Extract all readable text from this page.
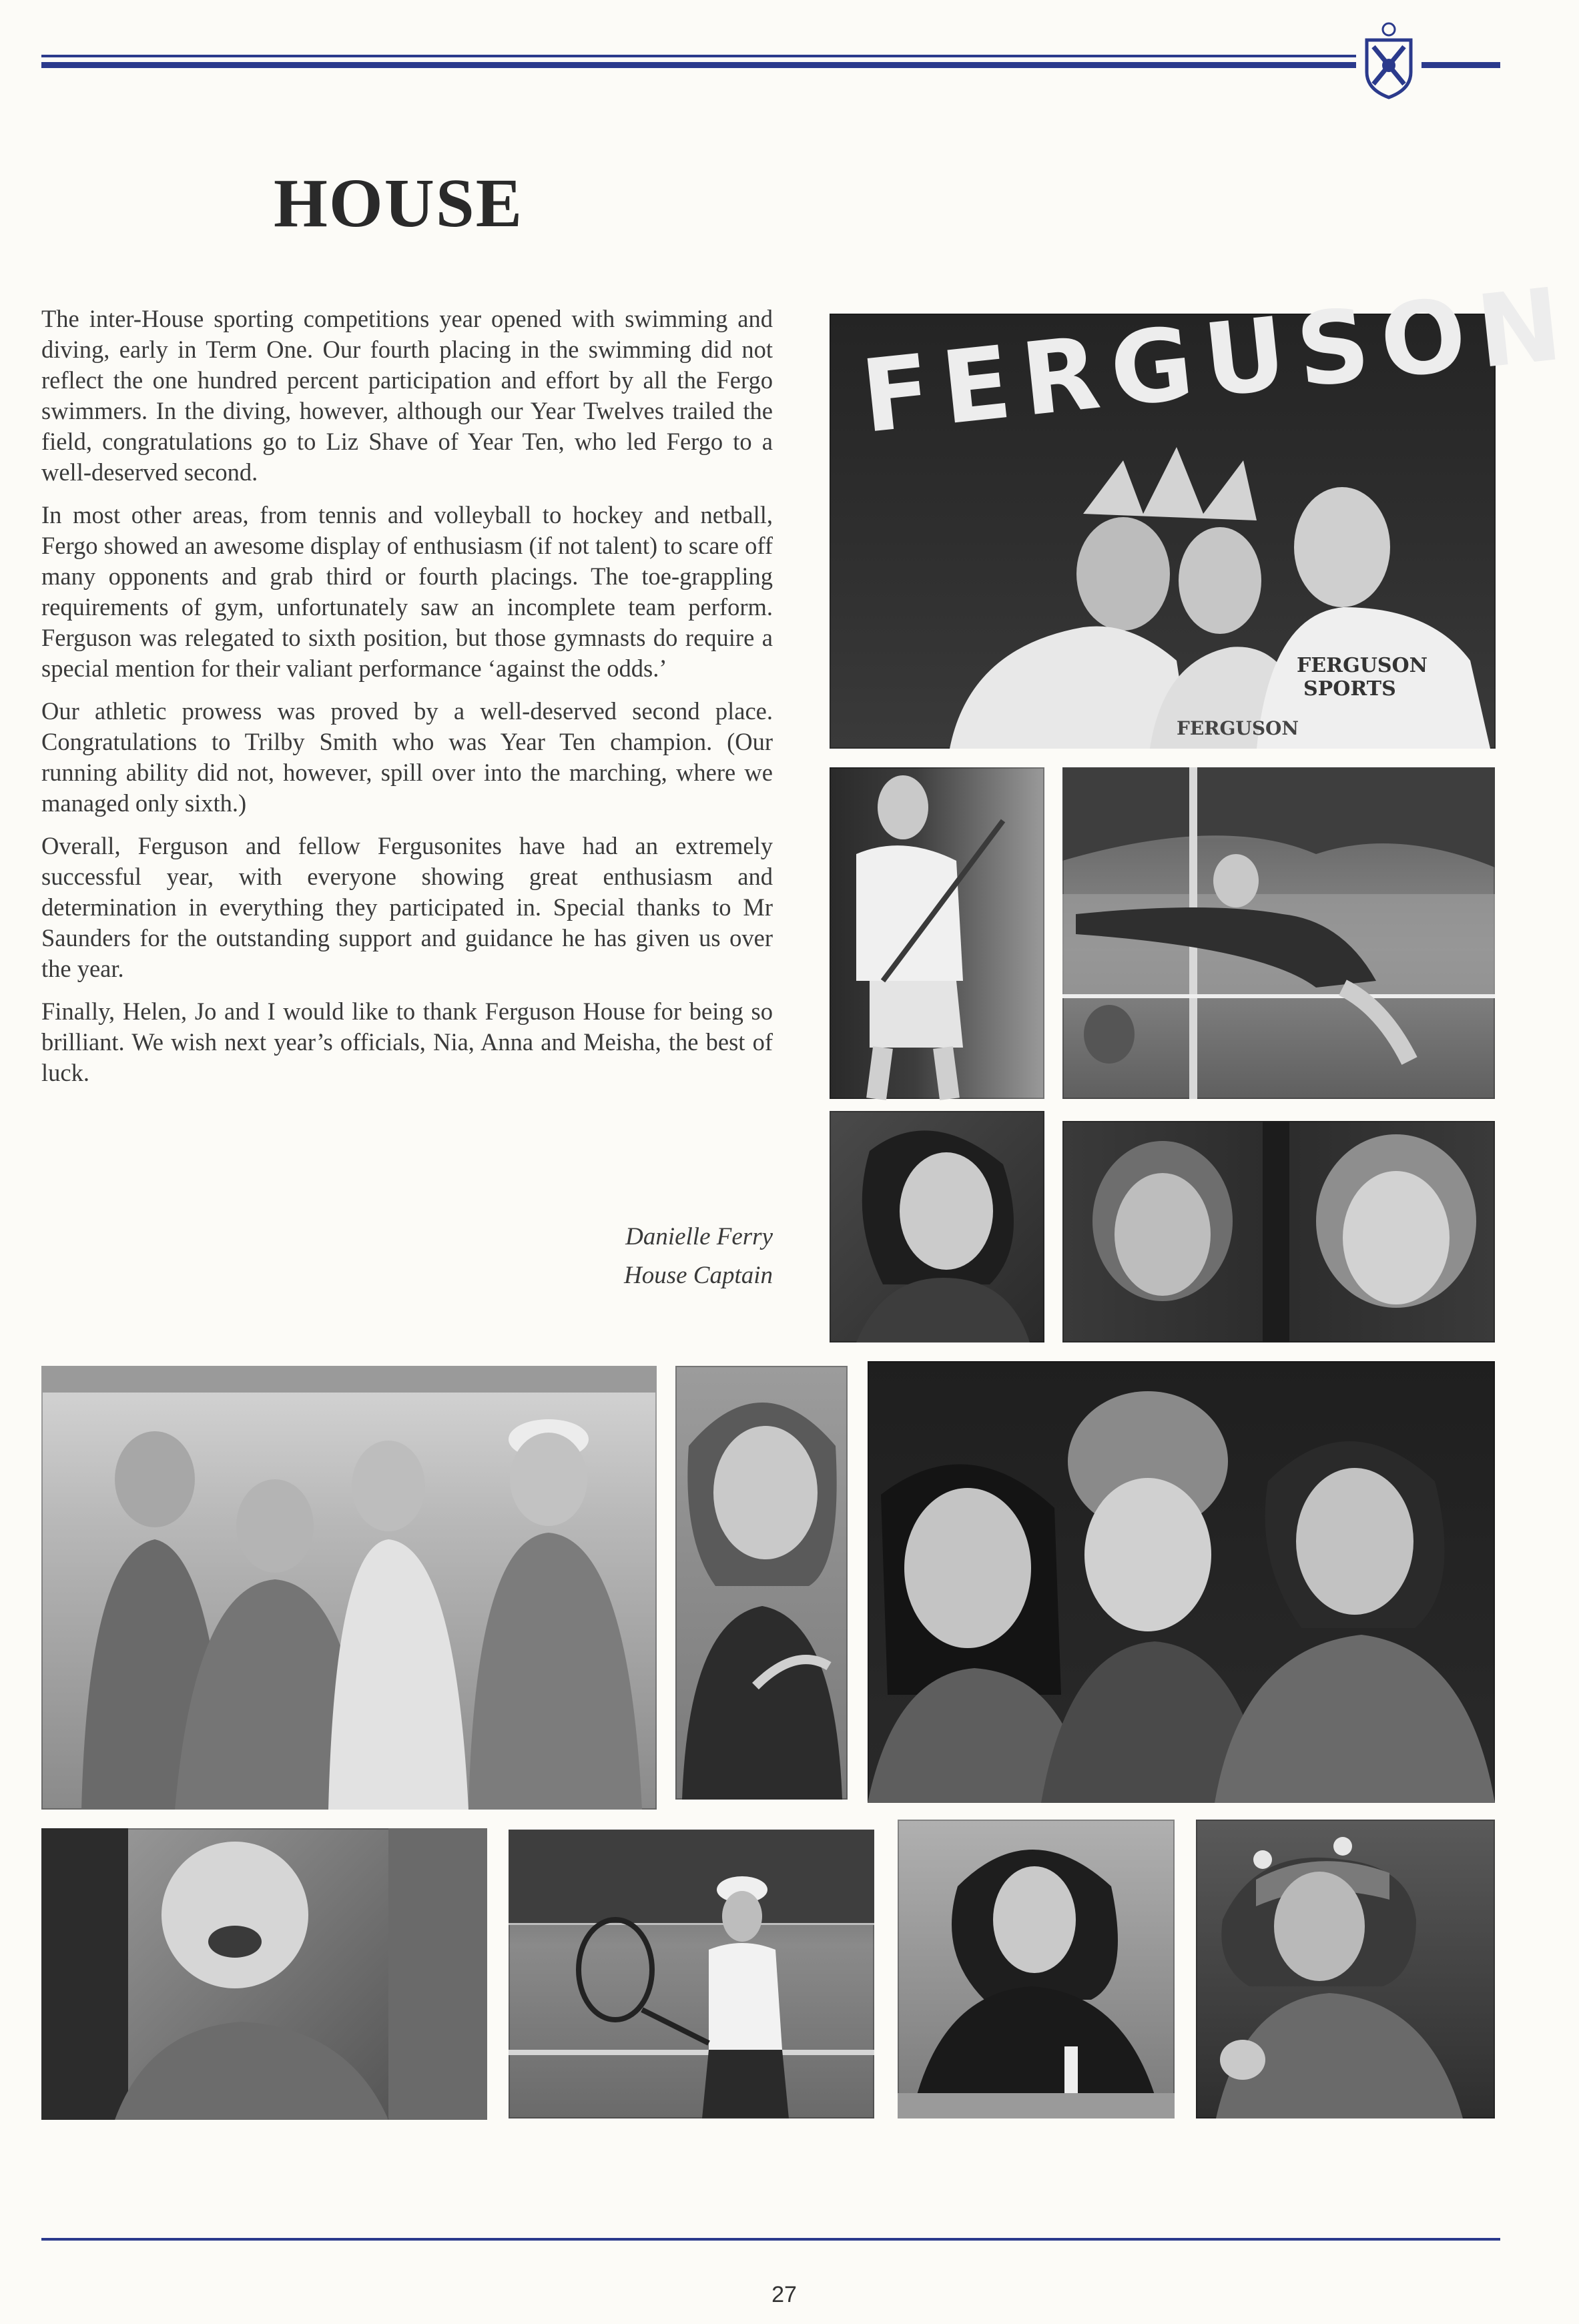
HOUSE

The inter-House sporting competitions year opened with swimming and diving, early in Term One. Our fourth placing in the swimming did not reflect the one hundred percent participation and effort by all the Fergo swimmers. In the diving, however, although our Year Twelves trailed the field, congratulations go to Liz Shave of Year Ten, who led Fergo to a well-deserved second.

In most other areas, from tennis and volleyball to hockey and netball, Fergo showed an awesome display of enthusiasm (if not talent) to scare off many opponents and grab third or fourth placings. The toe-grappling requirements of gym, unfortunately saw an incomplete team perform. Ferguson was relegated to sixth position, but those gymnasts do require a special mention for their valiant performance ‘against the odds.’

Our athletic prowess was proved by a well-deserved second place. Congratulations to Trilby Smith who was Year Ten champion. (Our running ability did not, however, spill over into the marching, where we managed only sixth.)

Overall, Ferguson and fellow Fergusonites have had an extremely successful year, with everyone showing great enthusiasm and determination in everything they participated in. Special thanks to Mr Saunders for the outstanding support and guidance he has given us over the year.

Finally, Helen, Jo and I would like to thank Ferguson House for being so brilliant. We wish next year’s officials, Nia, Anna and Meisha, the best of luck.

Danielle Ferry
House Captain
FERGUSON
FERGUSON
SPORTS
FERGUSON
27
